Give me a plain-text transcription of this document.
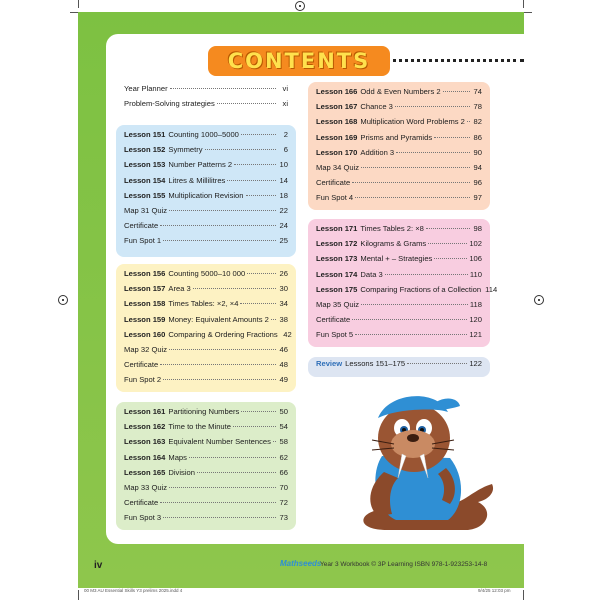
CONTENTS
Year Planner	vi
Problem-Solving strategies	xi
Lesson 151 Counting 1000–5000	2
Lesson 152 Symmetry	6
Lesson 153 Number Patterns 2	10
Lesson 154 Litres & Millilitres	14
Lesson 155 Multiplication Revision	18
Map 31 Quiz	22
Certificate	24
Fun Spot 1	25
Lesson 156 Counting 5000–10 000	26
Lesson 157 Area 3	30
Lesson 158 Times Tables: ×2, ×4	34
Lesson 159 Money: Equivalent Amounts 2 38
Lesson 160 Comparing & Ordering Fractions 42
Map 32 Quiz	46
Certificate	48
Fun Spot 2	49
Lesson 161 Partitioning Numbers	50
Lesson 162 Time to the Minute	54
Lesson 163 Equivalent Number Sentences 58
Lesson 164 Maps	62
Lesson 165 Division	66
Map 33 Quiz	70
Certificate	72
Fun Spot 3	73
Lesson 166 Odd & Even Numbers 2	74
Lesson 167 Chance 3	78
Lesson 168 Multiplication Word Problems 2 82
Lesson 169 Prisms and Pyramids	86
Lesson 170 Addition 3	90
Map 34 Quiz	94
Certificate	96
Fun Spot 4	97
Lesson 171 Times Tables 2: ×8	98
Lesson 172 Kilograms & Grams	102
Lesson 173 Mental + – Strategies	106
Lesson 174 Data 3	110
Lesson 175 Comparing Fractions of a Collection 114
Map 35 Quiz	118
Certificate	120
Fun Spot 5	121
Review Lessons 151–175	122
iv	Mathseeds
Year 3 Workbook © 3P Learning ISBN 978-1-923253-14-8
00 M3 AU Essential Skills Y3 prelims 2025.indd 4	9/4/25 12:03 pm
